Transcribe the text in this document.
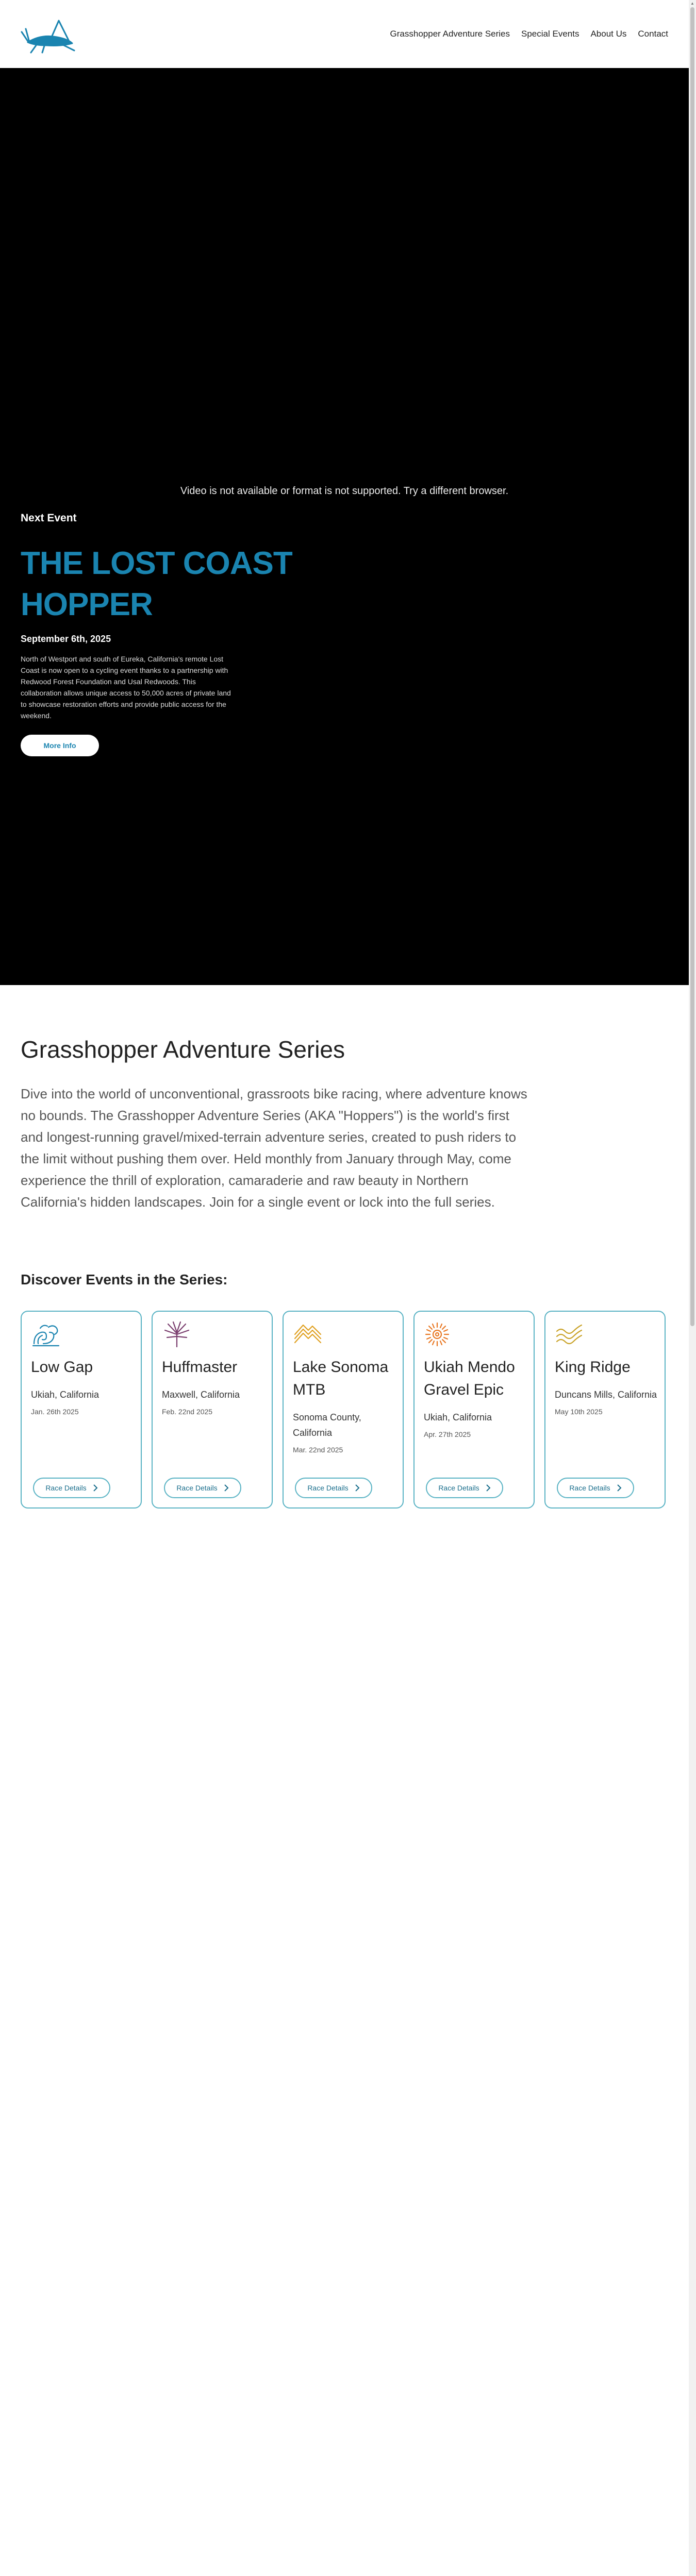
Grasshopper Adventure Series Special Events About Us Contact
Video is not available or format is not supported. Try a different browser.
Next Event
THE LOST COAST HOPPER
September 6th, 2025
North of Westport and south of Eureka, California's remote Lost Coast is now open to a cycling event thanks to a partnership with Redwood Forest Foundation and Usal Redwoods. This collaboration allows unique access to 50,000 acres of private land to showcase restoration efforts and provide public access for the weekend.
More Info
Grasshopper Adventure Series

Dive into the world of unconventional, grassroots bike racing, where adventure knows no bounds. The Grasshopper Adventure Series (AKA "Hoppers") is the world's first and longest-running gravel/mixed-terrain adventure series, created to push riders to the limit without pushing them over. Held monthly from January through May, come experience the thrill of exploration, camaraderie and raw beauty in Northern California's hidden landscapes. Join for a single event or lock into the full series.

Discover Events in the Series:
Low Gap
Ukiah, California
Jan. 26th 2025
Race Details
Huffmaster
Maxwell, California
Feb. 22nd 2025
Race Details
Lake Sonoma MTB
Sonoma County, California
Mar. 22nd 2025
Race Details
Ukiah Mendo Gravel Epic
Ukiah, California
Apr. 27th 2025
Race Details
King Ridge
Duncans Mills, California
May 10th 2025
Race Details
▲
